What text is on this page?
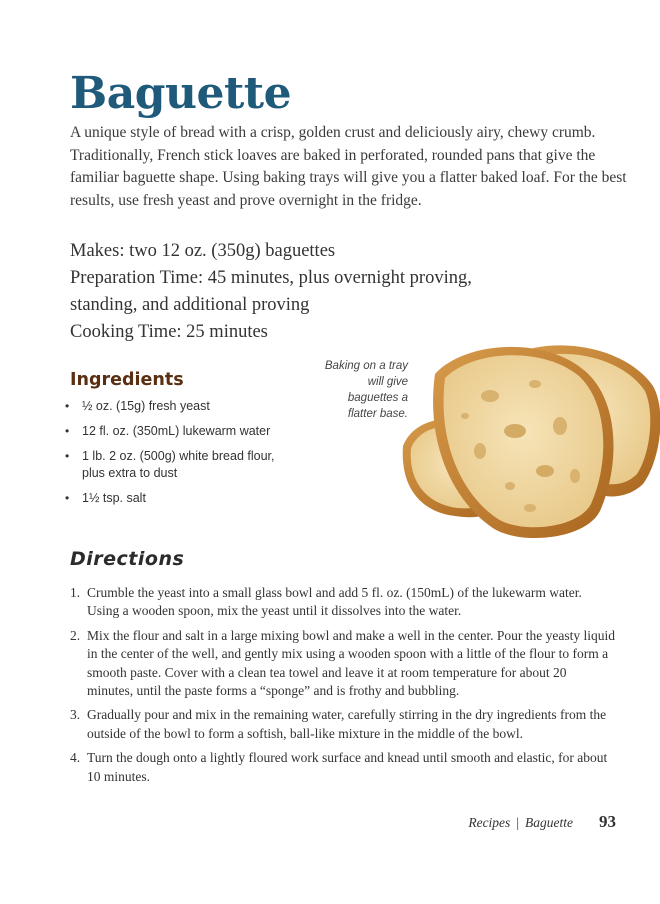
Baguette

A unique style of bread with a crisp, golden crust and deliciously airy, chewy crumb. Traditionally, French stick loaves are baked in perforated, rounded pans that give the familiar baguette shape. Using baking trays will give you a flatter baked loaf. For the best results, use fresh yeast and prove overnight in the fridge.

Makes: two 12 oz. (350g) baguettes
Preparation Time: 45 minutes, plus overnight proving, standing, and additional proving
Cooking Time: 25 minutes
Ingredients
• ½ oz. (15g) fresh yeast
• 12 fl. oz. (350mL) lukewarm water
• 1 lb. 2 oz. (500g) white bread flour, plus extra to dust
• 1½ tsp. salt

Baking on a tray will give baguettes a flatter base.

Directions
1. Crumble the yeast into a small glass bowl and add 5 fl. oz. (150mL) of the lukewarm water. Using a wooden spoon, mix the yeast until it dissolves into the water.
2. Mix the flour and salt in a large mixing bowl and make a well in the center. Pour the yeasty liquid in the center of the well, and gently mix using a wooden spoon with a little of the flour to form a smooth paste. Cover with a clean tea towel and leave it at room temperature for about 20 minutes, until the paste forms a “sponge” and is frothy and bubbling.
3. Gradually pour and mix in the remaining water, carefully stirring in the dry ingredients from the outside of the bowl to form a softish, ball-like mixture in the middle of the bowl.
4. Turn the dough onto a lightly floured work surface and knead until smooth and elastic, for about 10 minutes.
Recipes | Baguette 93
